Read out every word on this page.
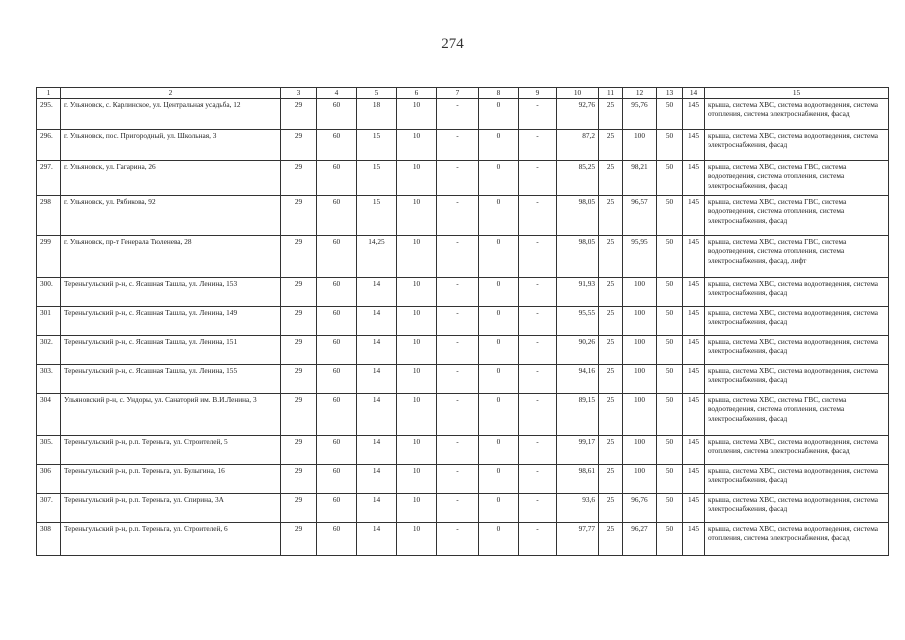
274
1	2	3	4	5	6	7	8	9	10	11	12	13	14	15
295.	г. Ульяновск, с. Карлинское, ул. Центральная усадьба, 12	29	60	18	10	-	0	-	92,76	25	95,76	50	145	крыша, система ХВС, система водоотведения, система отопления, система электроснабжения, фасад
296.	г. Ульяновск, пос. Пригородный, ул. Школьная, 3	29	60	15	10	-	0	-	87,2	25	100	50	145	крыша, система ХВС, система водоотведения, система электроснабжения, фасад
297.	г. Ульяновск, ул. Гагарина, 26	29	60	15	10	-	0	-	85,25	25	98,21	50	145	крыша, система ХВС, система ГВС, система водоотведения, система отопления, система электроснабжения, фасад
298	г. Ульяновск, ул. Рябикова, 92	29	60	15	10	-	0	-	98,05	25	96,57	50	145	крыша, система ХВС, система ГВС, система водоотведения, система отопления, система электроснабжения, фасад
299	г. Ульяновск, пр-т Генерала Тюленева, 28	29	60	14,25	10	-	0	-	98,05	25	95,95	50	145	крыша, система ХВС, система ГВС, система водоотведения, система отопления, система электроснабжения, фасад, лифт
300.	Тереньгульский р-н, с. Ясашная Ташла, ул. Ленина, 153	29	60	14	10	-	0	-	91,93	25	100	50	145	крыша, система ХВС, система водоотведения, система электроснабжения, фасад
301	Тереньгульский р-н, с. Ясашная Ташла, ул. Ленина, 149	29	60	14	10	-	0	-	95,55	25	100	50	145	крыша, система ХВС, система водоотведения, система электроснабжения, фасад
302.	Тереньгульский р-н, с. Ясашная Ташла, ул. Ленина, 151	29	60	14	10	-	0	-	90,26	25	100	50	145	крыша, система ХВС, система водоотведения, система электроснабжения, фасад
303.	Тереньгульский р-н, с. Ясашная Ташла, ул. Ленина, 155	29	60	14	10	-	0	-	94,16	25	100	50	145	крыша, система ХВС, система водоотведения, система электроснабжения, фасад
304	Ульяновский р-н, с. Ундоры, ул. Санаторий им. В.И.Ленина, 3	29	60	14	10	-	0	-	89,15	25	100	50	145	крыша, система ХВС, система ГВС, система водоотведения, система отопления, система электроснабжения, фасад
305.	Тереньгульский р-н, р.п. Тереньга, ул. Строителей, 5	29	60	14	10	-	0	-	99,17	25	100	50	145	крыша, система ХВС, система водоотведения, система отопления, система электроснабжения, фасад
306	Тереньгульский р-н, р.п. Тереньга, ул. Булыгина, 16	29	60	14	10	-	0	-	98,61	25	100	50	145	крыша, система ХВС, система водоотведения, система электроснабжения, фасад
307.	Тереньгульский р-н, р.п. Тереньга, ул. Спирина, 3А	29	60	14	10	-	0	-	93,6	25	96,76	50	145	крыша, система ХВС, система водоотведения, система электроснабжения, фасад
308	Тереньгульский р-н, р.п. Тереньга, ул. Строителей, 6	29	60	14	10	-	0	-	97,77	25	96,27	50	145	крыша, система ХВС, система водоотведения, система отопления, система электроснабжения, фасад
